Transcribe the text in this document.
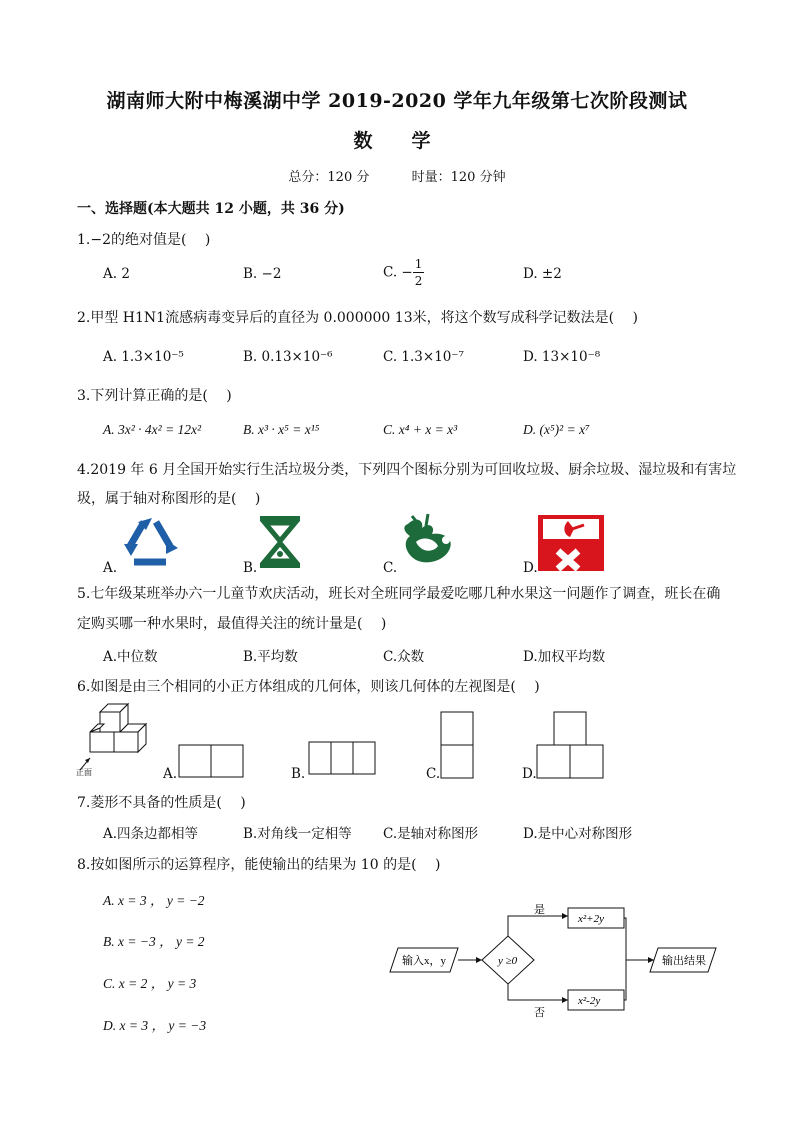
湖南师大附中梅溪湖中学 2019-2020 学年九年级第七次阶段测试
数　学
总分：120 分	时量：120 分钟
一、选择题(本大题共 12 小题，共 36 分)
1.−2的绝对值是(　 )
A. 2	B. −2	C. − $\frac{1}{2}$	D. ±2
2.甲型 H1N1流感病毒变异后的直径为 0.000000 13米，将这个数写成科学记数法是(　 )
A. 1.3×10⁻⁵	B. 0.13×10⁻⁶	C. 1.3×10⁻⁷	D. 13×10⁻⁸
3.下列计算正确的是(　 )
A. 3x² · 4x² = 12x²	B. x³ · x⁵ = x¹⁵	C. x⁴ + x = x³	D. (x⁵)² = x⁷
4.2019 年 6 月全国开始实行生活垃圾分类，下列四个图标分别为可回收垃圾、厨余垃圾、湿垃圾和有害垃
圾，属于轴对称图形的是(　 )
A.	B.	C.	D.
5.七年级某班举办六一儿童节欢庆活动，班长对全班同学最爱吃哪几种水果这一问题作了调查，班长在确
定购买哪一种水果时，最值得关注的统计量是(　 )
A.中位数	B.平均数	C.众数	D.加权平均数
6.如图是由三个相同的小正方体组成的几何体，则该几何体的左视图是(　 )
正面	A.	B.	C.	D.
7.菱形不具备的性质是(　 )
A.四条边都相等	B.对角线一定相等 C.是轴对称图形	D.是中心对称图形
8.按如图所示的运算程序，能使输出的结果为 10 的是(　 )
A. x = 3 ， y = −2
B. x = −3 ， y = 2
C. x = 2 ， y = 3
D. x = 3 ， y = −3
输入x，y	y ≥0
是
否
x²+2y
x²-2y
输出结果
